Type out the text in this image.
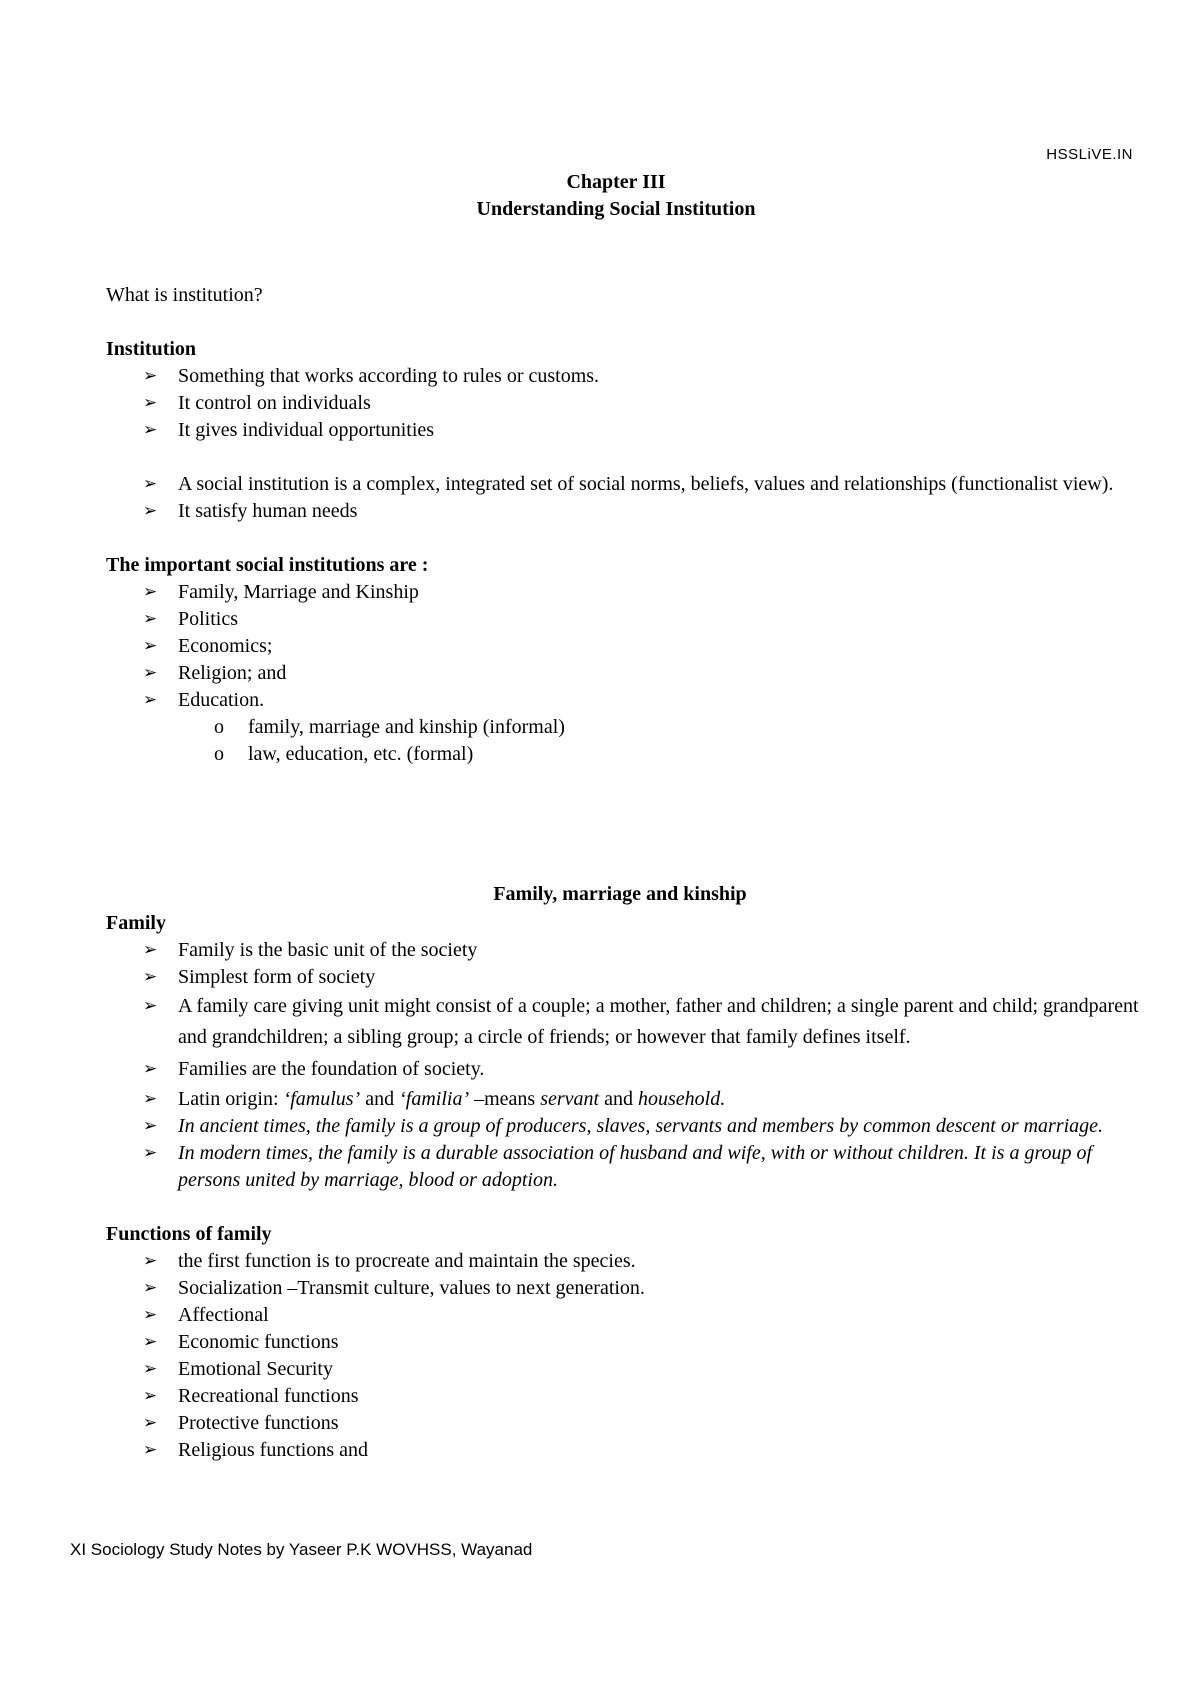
HSSLiVE.IN
Chapter III
Understanding Social Institution
What is institution?
Institution
➢ Something that works according to rules or customs.
➢ It control on individuals
➢ It gives individual opportunities
➢ A social institution is a complex, integrated set of social norms, beliefs, values and relationships (functionalist view).
➢ It satisfy human needs
The important social institutions are :
➢ Family, Marriage and Kinship
➢ Politics
➢ Economics;
➢ Religion; and
➢ Education.
o family, marriage and kinship (informal)
o law, education, etc. (formal)
Family, marriage and kinship
Family
➢ Family is the basic unit of the society
➢ Simplest form of society
➢ A family care giving unit might consist of a couple; a mother, father and children; a single parent and child; grandparent and grandchildren; a sibling group; a circle of friends; or however that family defines itself.
➢ Families are the foundation of society.
➢ Latin origin: ‘famulus’ and ‘familia’ –means servant and household.
➢ In ancient times, the family is a group of producers, slaves, servants and members by common descent or marriage.
➢ In modern times, the family is a durable association of husband and wife, with or without children. It is a group of persons united by marriage, blood or adoption.
Functions of family
➢ the first function is to procreate and maintain the species.
➢ Socialization –Transmit culture, values to next generation.
➢ Affectional
➢ Economic functions
➢ Emotional Security
➢ Recreational functions
➢ Protective functions
➢ Religious functions and
XI Sociology Study Notes by Yaseer P.K WOVHSS, Wayanad
